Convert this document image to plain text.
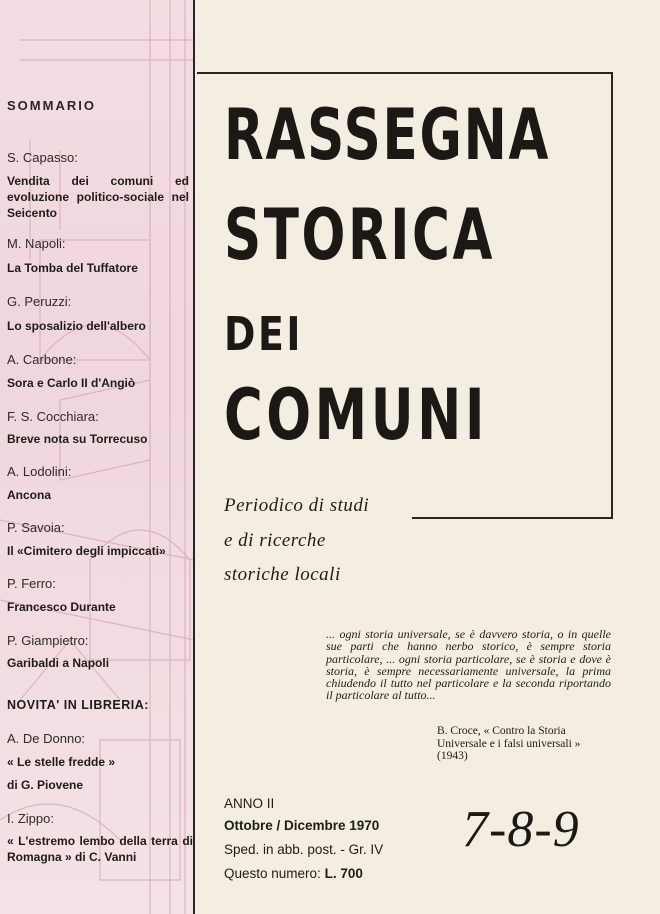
SOMMARIO
S. Capasso:
Vendita dei comuni ed evoluzione politico-sociale nel Seicento
M. Napoli:
La Tomba del Tuffatore
G. Peruzzi:
Lo sposalizio dell'albero
A. Carbone:
Sora e Carlo II d'Angiò
F. S. Cocchiara:
Breve nota su Torrecuso
A. Lodolini:
Ancona
P. Savoia:
Il «Cimitero degli impiccati»
P. Ferro:
Francesco Durante
P. Giampietro:
Garibaldi a Napoli
NOVITA' IN LIBRERIA:
A. De Donno:
« Le stelle fredde »
di G. Piovene
I. Zippo:
« L'estremo lembo della terra di Romagna » di C. Vanni
RASSEGNA
STORICA
DEI
COMUNI
Periodico di studi
e di ricerche
storiche locali
... ogni storia universale, se è davvero storia, o in quelle sue parti che hanno nerbo storico, è sempre storia particolare, ... ogni storia particolare, se è storia e dove è storia, è sempre necessariamente universale, la prima chiudendo il tutto nel particolare e la seconda riportando il particolare al tutto...
B. Croce, « Contro la Storia Universale e i falsi universali » (1943)
ANNO II
Ottobre / Dicembre 1970
Sped. in abb. post. - Gr. IV
Questo numero: L. 700
7-8-9
